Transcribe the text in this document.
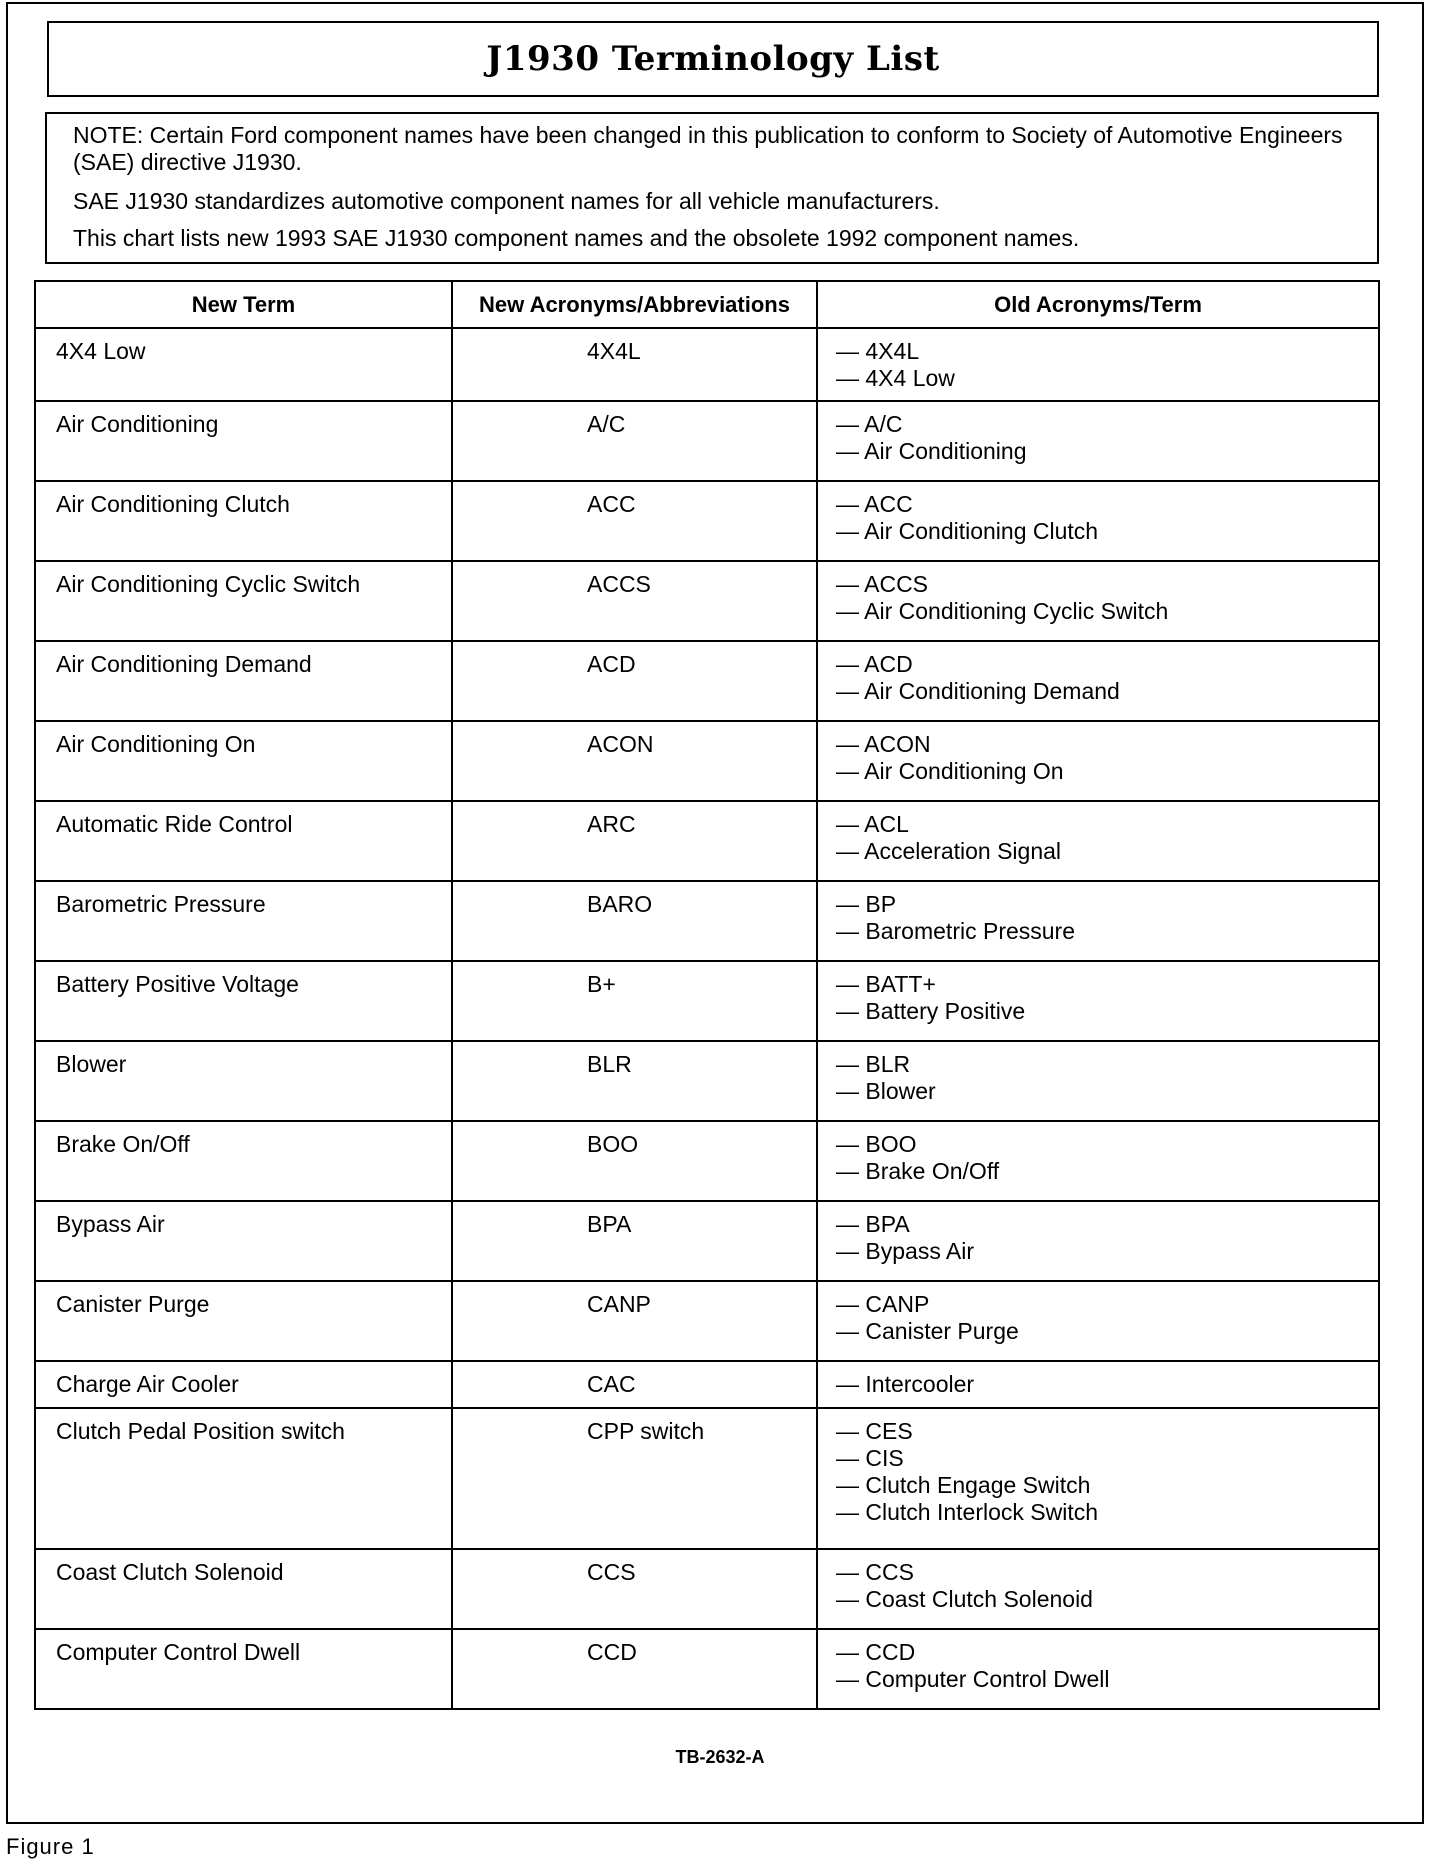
J1930 Terminology List

NOTE: Certain Ford component names have been changed in this publication to conform to Society of Automotive Engineers (SAE) directive J1930.

SAE J1930 standardizes automotive component names for all vehicle manufacturers.

This chart lists new 1993 SAE J1930 component names and the obsolete 1992 component names.

New Term	New Acronyms/Abbreviations	Old Acronyms/Term
4X4 Low	4X4L	— 4X4L
— 4X4 Low

Air Conditioning	A/C	— A/C
— Air Conditioning

Air Conditioning Clutch	ACC	— ACC
— Air Conditioning Clutch

Air Conditioning Cyclic Switch	ACCS	— ACCS
— Air Conditioning Cyclic Switch

Air Conditioning Demand	ACD	— ACD
— Air Conditioning Demand

Air Conditioning On	ACON	— ACON
— Air Conditioning On

Automatic Ride Control	ARC	— ACL
— Acceleration Signal

Barometric Pressure	BARO	— BP
— Barometric Pressure

Battery Positive Voltage	B+	— BATT+
— Battery Positive

Blower	BLR	— BLR
— Blower

Brake On/Off	BOO	— BOO
— Brake On/Off

Bypass Air	BPA	— BPA
— Bypass Air

Canister Purge	CANP	— CANP
— Canister Purge

Charge Air Cooler	CAC	— Intercooler

Clutch Pedal Position switch	CPP switch	— CES
— CIS
— Clutch Engage Switch
— Clutch Interlock Switch

Coast Clutch Solenoid	CCS	— CCS
— Coast Clutch Solenoid

Computer Control Dwell	CCD	— CCD
— Computer Control Dwell
TB-2632-A
Figure 1
